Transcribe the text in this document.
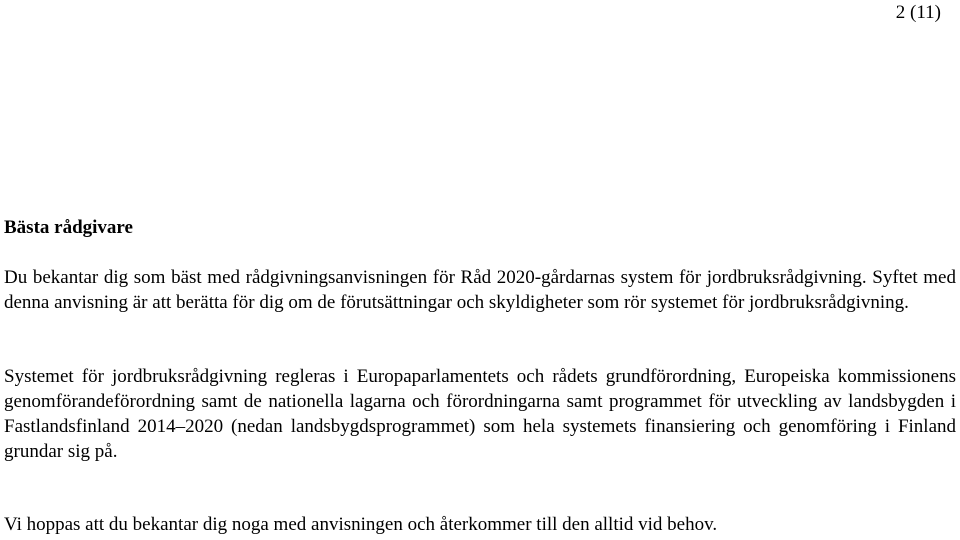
2 (11)
Bästa rådgivare

Du bekantar dig som bäst med rådgivningsanvisningen för Råd 2020-gårdarnas system för jordbruksrådgivning. Syftet med denna anvisning är att berätta för dig om de förutsättningar och skyldigheter som rör systemet för jordbruksrådgivning.

Systemet för jordbruksrådgivning regleras i Europaparlamentets och rådets grundförordning, Europeiska kommissionens genomförandeförordning samt de nationella lagarna och förordningarna samt programmet för utveckling av landsbygden i Fastlandsfinland 2014–2020 (nedan landsbygdsprogrammet) som hela systemets finansiering och genomföring i Finland grundar sig på.

Vi hoppas att du bekantar dig noga med anvisningen och återkommer till den alltid vid behov.
